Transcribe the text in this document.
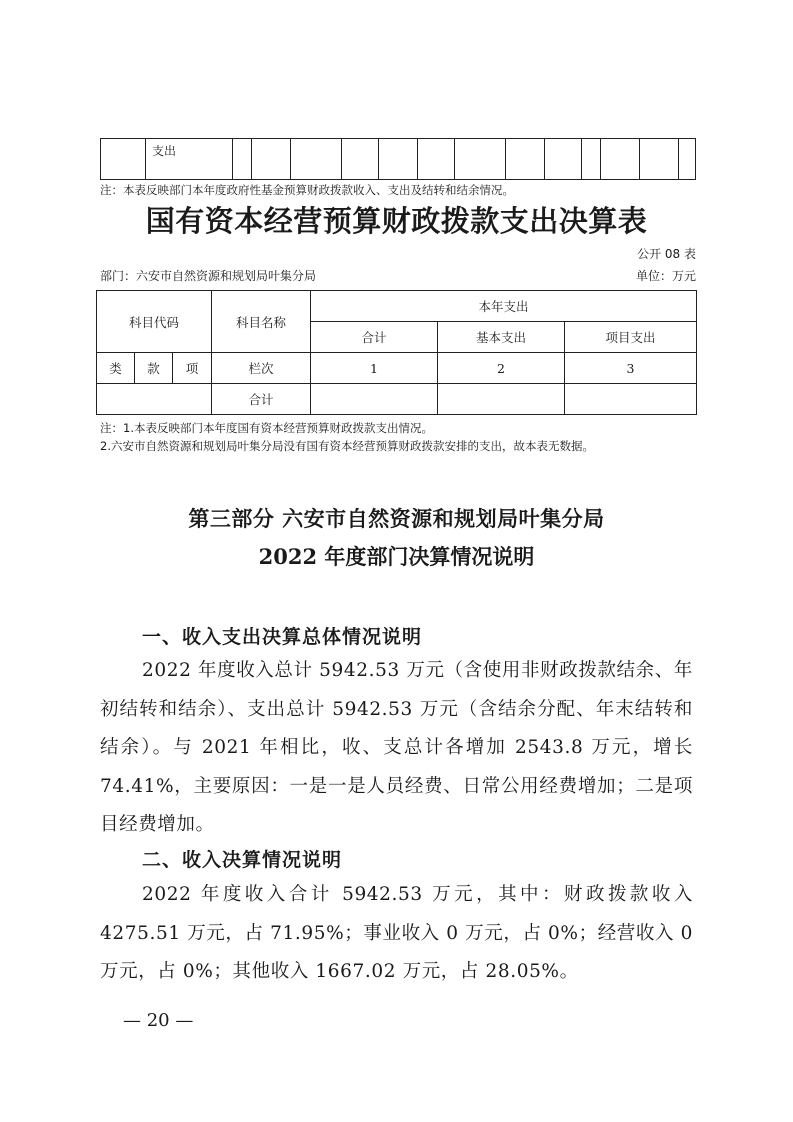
	支出													
注：本表反映部门本年度政府性基金预算财政拨款收入、支出及结转和结余情况。
国有资本经营预算财政拨款支出决算表
公开 08 表
部门：六安市自然资源和规划局叶集分局	单位：万元
科目代码			科目名称	本年支出		
				合计	基本支出	项目支出
类	款	项	栏次	1	2	3
			合计			
注：1.本表反映部门本年度国有资本经营预算财政拨款支出情况。
2.六安市自然资源和规划局叶集分局没有国有资本经营预算财政拨款安排的支出，故本表无数据。
第三部分 六安市自然资源和规划局叶集分局
2022 年度部门决算情况说明
一、收入支出决算总体情况说明
2022 年度收入总计 5942.53 万元（含使用非财政拨款结余、年初结转和结余）、支出总计 5942.53 万元（含结余分配、年末结转和结余）。与 2021 年相比，收、支总计各增加 2543.8 万元，增长 74.41%，主要原因：一是一是人员经费、日常公用经费增加；二是项目经费增加。
二、收入决算情况说明
2022 年度收入合计 5942.53 万元，其中：财政拨款收入 4275.51 万元，占 71.95%；事业收入 0 万元，占 0%；经营收入 0 万元，占 0%；其他收入 1667.02 万元，占 28.05%。
— 20 —
